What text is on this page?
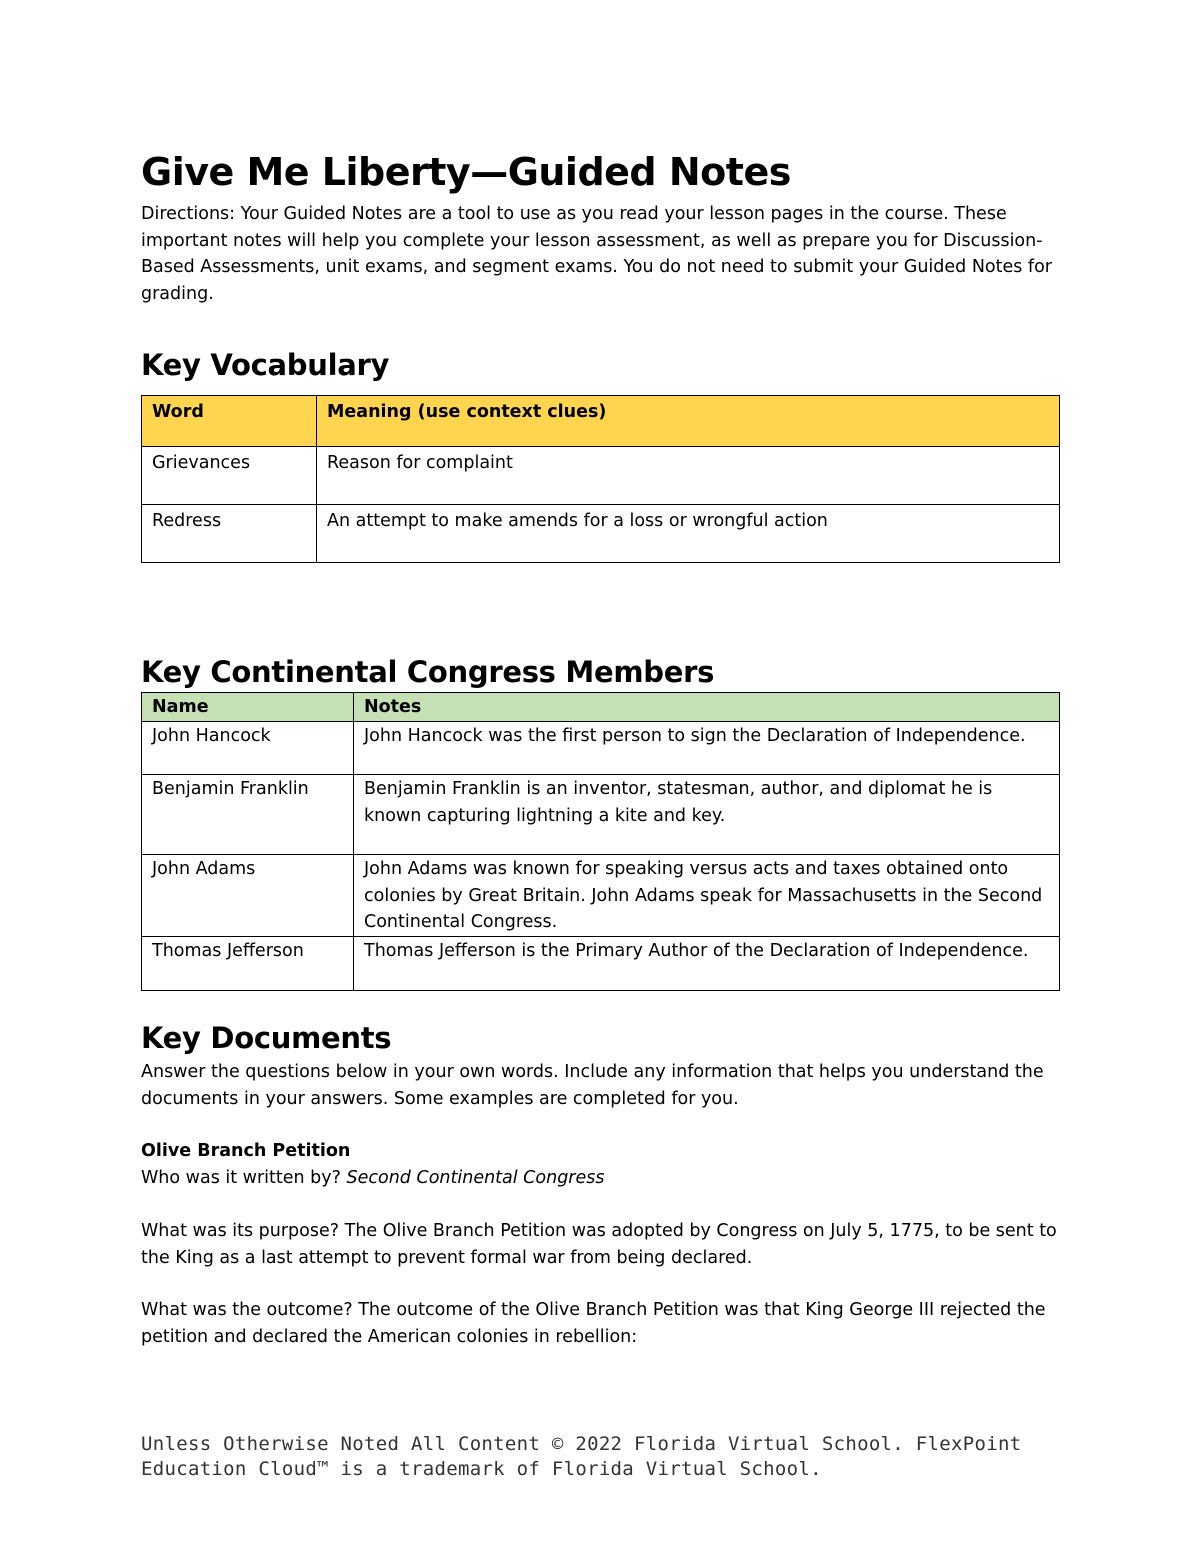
Give Me Liberty—Guided Notes

Directions: Your Guided Notes are a tool to use as you read your lesson pages in the course. These important notes will help you complete your lesson assessment, as well as prepare you for Discussion-Based Assessments, unit exams, and segment exams. You do not need to submit your Guided Notes for grading.

Key Vocabulary
Word	Meaning (use context clues)
Grievances	Reason for complaint
Redress	An attempt to make amends for a loss or wrongful action
Key Continental Congress Members
Name	Notes
John Hancock	John Hancock was the first person to sign the Declaration of Independence.
Benjamin Franklin	Benjamin Franklin is an inventor, statesman, author, and diplomat he is known capturing lightning a kite and key.
John Adams	John Adams was known for speaking versus acts and taxes obtained onto colonies by Great Britain. John Adams speak for Massachusetts in the Second Continental Congress.
Thomas Jefferson	Thomas Jefferson is the Primary Author of the Declaration of Independence.
Key Documents

Answer the questions below in your own words. Include any information that helps you understand the documents in your answers. Some examples are completed for you.

Olive Branch Petition

Who was it written by? Second Continental Congress

What was its purpose? The Olive Branch Petition was adopted by Congress on July 5, 1775, to be sent to the King as a last attempt to prevent formal war from being declared.

What was the outcome? The outcome of the Olive Branch Petition was that King George III rejected the petition and declared the American colonies in rebellion:

Unless Otherwise Noted All Content © 2022 Florida Virtual School. FlexPoint Education Cloud™ is a trademark of Florida Virtual School.
